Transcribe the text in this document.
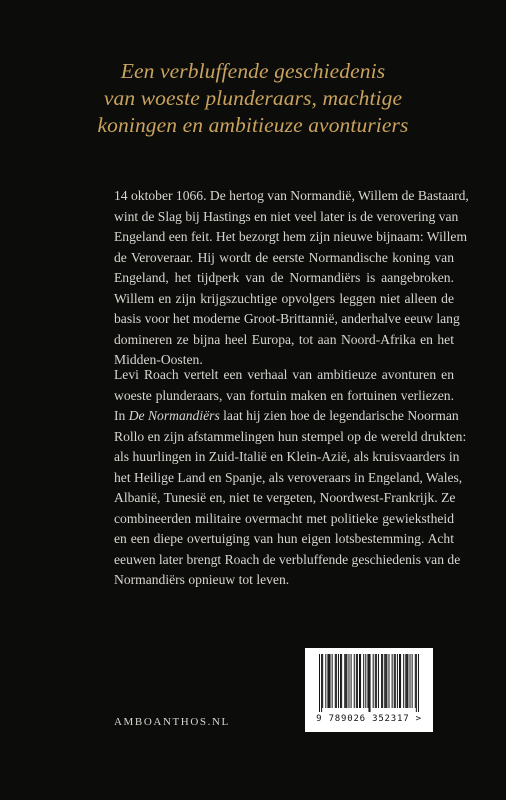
Een verbluffende geschiedenis
van woeste plunderaars, machtige
koningen en ambitieuze avonturiers
14 oktober 1066. De hertog van Normandië, Willem de Bastaard,
wint de Slag bij Hastings en niet veel later is de verovering van
Engeland een feit. Het bezorgt hem zijn nieuwe bijnaam: Willem
de Veroveraar. Hij wordt de eerste Normandische koning van
Engeland, het tijdperk van de Normandiërs is aangebroken.
Willem en zijn krijgszuchtige opvolgers leggen niet alleen de
basis voor het moderne Groot-Brittannië, anderhalve eeuw lang
domineren ze bijna heel Europa, tot aan Noord-Afrika en het
Midden-Oosten.
Levi Roach vertelt een verhaal van ambitieuze avonturen en
woeste plunderaars, van fortuin maken en fortuinen verliezen.
In De Normandiërs laat hij zien hoe de legendarische Noorman
Rollo en zijn afstammelingen hun stempel op de wereld drukten:
als huurlingen in Zuid-Italië en Klein-Azië, als kruisvaarders in
het Heilige Land en Spanje, als veroveraars in Engeland, Wales,
Albanië, Tunesië en, niet te vergeten, Noordwest-Frankrijk. Ze
combineerden militaire overmacht met politieke gewiekstheid
en een diepe overtuiging van hun eigen lotsbestemming. Acht
eeuwen later brengt Roach de verbluffende geschiedenis van de
Normandiërs opnieuw tot leven.
AMBOANTHOS.NL	9 789026 352317 >
